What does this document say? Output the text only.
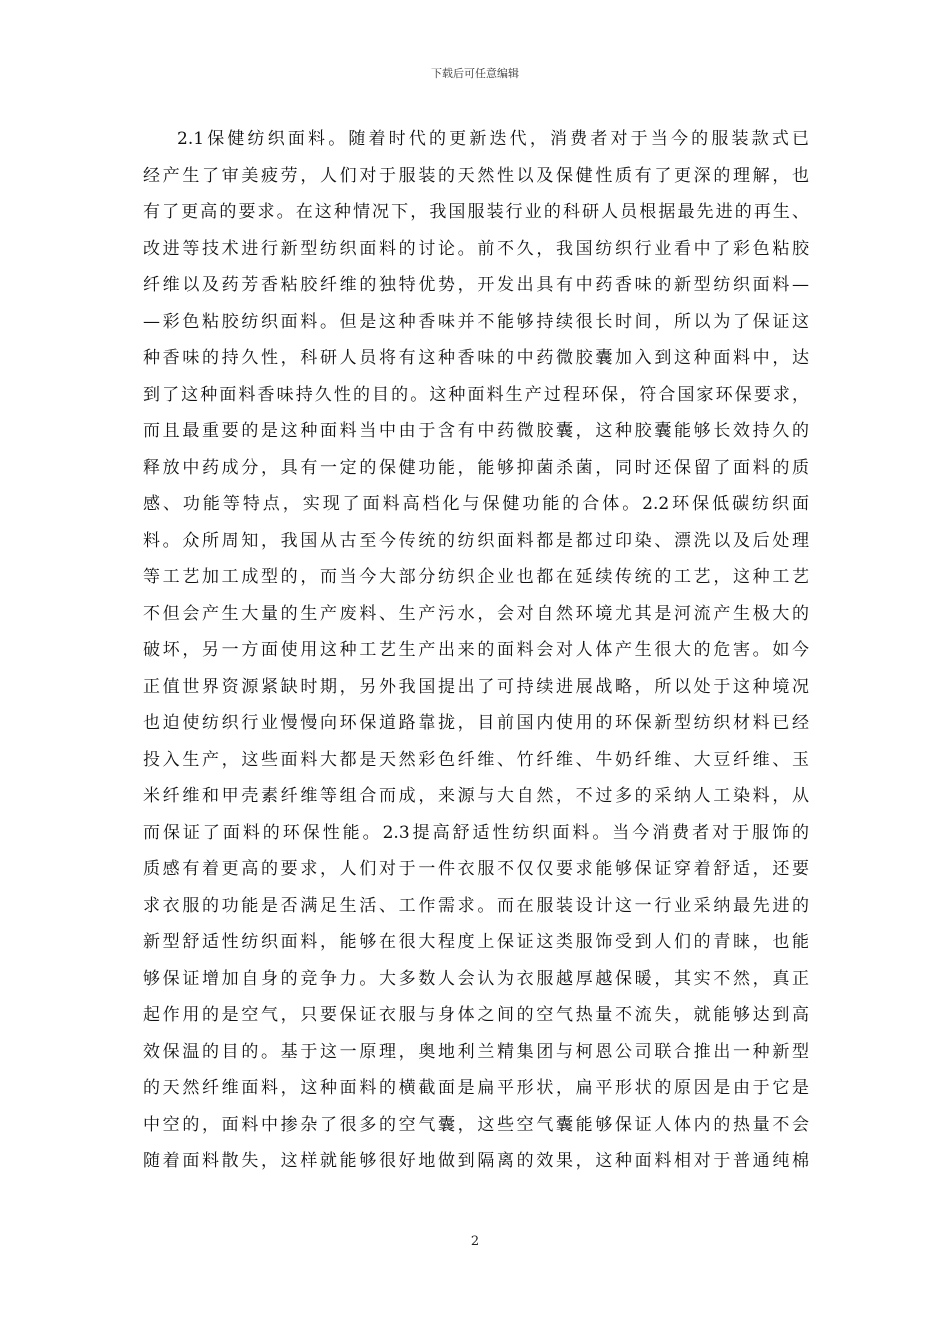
下载后可任意编辑
2.1保健纺织面料。随着时代的更新迭代，消费者对于当今的服装款式已
经产生了审美疲劳，人们对于服装的天然性以及保健性质有了更深的理解，也
有了更高的要求。在这种情况下，我国服装行业的科研人员根据最先进的再生、
改进等技术进行新型纺织面料的讨论。前不久，我国纺织行业看中了彩色粘胶
纤维以及药芳香粘胶纤维的独特优势，开发出具有中药香味的新型纺织面料—
—彩色粘胶纺织面料。但是这种香味并不能够持续很长时间，所以为了保证这
种香味的持久性，科研人员将有这种香味的中药微胶囊加入到这种面料中，达
到了这种面料香味持久性的目的。这种面料生产过程环保，符合国家环保要求，
而且最重要的是这种面料当中由于含有中药微胶囊，这种胶囊能够长效持久的
释放中药成分，具有一定的保健功能，能够抑菌杀菌，同时还保留了面料的质
感、功能等特点，实现了面料高档化与保健功能的合体。2.2环保低碳纺织面
料。众所周知，我国从古至今传统的纺织面料都是都过印染、漂洗以及后处理
等工艺加工成型的，而当今大部分纺织企业也都在延续传统的工艺，这种工艺
不但会产生大量的生产废料、生产污水，会对自然环境尤其是河流产生极大的
破坏，另一方面使用这种工艺生产出来的面料会对人体产生很大的危害。如今
正值世界资源紧缺时期，另外我国提出了可持续进展战略，所以处于这种境况
也迫使纺织行业慢慢向环保道路靠拢，目前国内使用的环保新型纺织材料已经
投入生产，这些面料大都是天然彩色纤维、竹纤维、牛奶纤维、大豆纤维、玉
米纤维和甲壳素纤维等组合而成，来源与大自然，不过多的采纳人工染料，从
而保证了面料的环保性能。2.3提高舒适性纺织面料。当今消费者对于服饰的
质感有着更高的要求，人们对于一件衣服不仅仅要求能够保证穿着舒适，还要
求衣服的功能是否满足生活、工作需求。而在服装设计这一行业采纳最先进的
新型舒适性纺织面料，能够在很大程度上保证这类服饰受到人们的青睐，也能
够保证增加自身的竞争力。大多数人会认为衣服越厚越保暖，其实不然，真正
起作用的是空气，只要保证衣服与身体之间的空气热量不流失，就能够达到高
效保温的目的。基于这一原理，奥地利兰精集团与柯恩公司联合推出一种新型
的天然纤维面料，这种面料的横截面是扁平形状，扁平形状的原因是由于它是
中空的，面料中掺杂了很多的空气囊，这些空气囊能够保证人体内的热量不会
随着面料散失，这样就能够很好地做到隔离的效果，这种面料相对于普通纯棉
2
